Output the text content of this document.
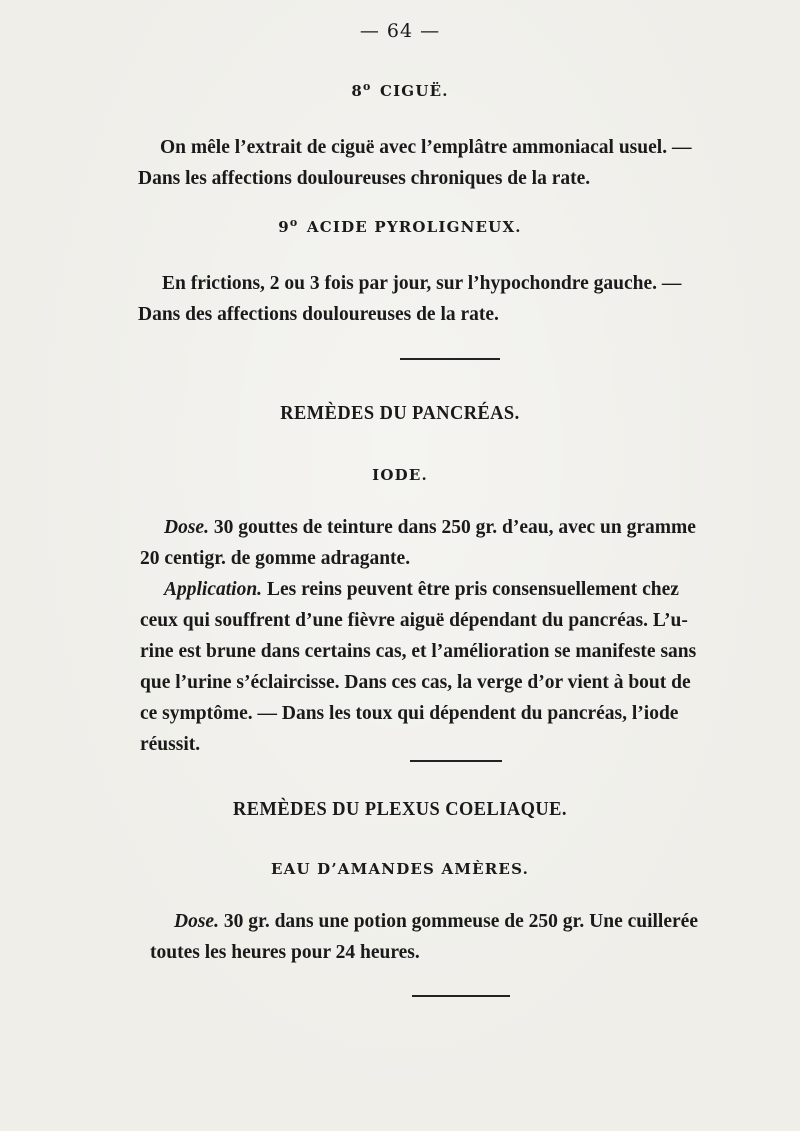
— 64 —
8$^o$ CIGUË.
On mêle l’extrait de ciguë avec l’emplâtre ammoniacal usuel. —
Dans les affections douloureuses chroniques de la rate.
9$^o$ ACIDE PYROLIGNEUX.
En frictions, 2 ou 3 fois par jour, sur l’hypochondre gauche. —
Dans des affections douloureuses de la rate.
REMÈDES DU PANCRÉAS.
IODE.
Dose. 30 gouttes de teinture dans 250 gr. d’eau, avec un gramme
20 centigr. de gomme adragante.
Application. Les reins peuvent être pris consensuellement chez
ceux qui souffrent d’une fièvre aiguë dépendant du pancréas. L’u-
rine est brune dans certains cas, et l’amélioration se manifeste sans
que l’urine s’éclaircisse. Dans ces cas, la verge d’or vient à bout de
ce symptôme. — Dans les toux qui dépendent du pancréas, l’iode
réussit.
REMÈDES DU PLEXUS COELIAQUE.
EAU D’AMANDES AMÈRES.
Dose. 30 gr. dans une potion gommeuse de 250 gr. Une cuillerée
toutes les heures pour 24 heures.
